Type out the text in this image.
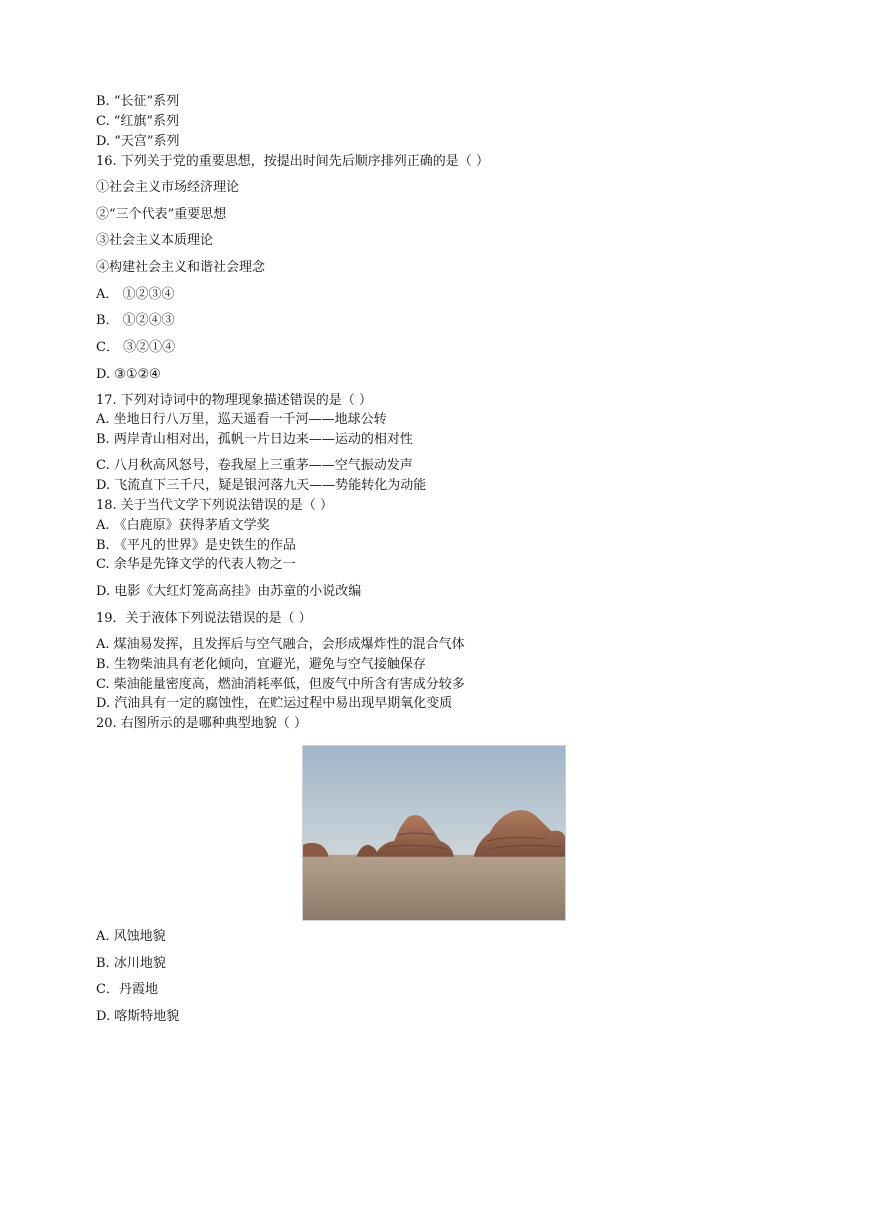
B. “长征”系列
C. “红旗”系列
D. “天宫”系列
16. 下列关于党的重要思想，按提出时间先后顺序排列正确的是（ ）
①社会主义市场经济理论
②“三个代表”重要思想
③社会主义本质理论
④构建社会主义和谐社会理念
A． ①②③④
B． ①②④③
C． ③②①④
D. ③①②④
17. 下列对诗词中的物理现象描述错误的是（ ）
A. 坐地日行八万里，巡天遥看一千河——地球公转
B. 两岸青山相对出，孤帆一片日边来——运动的相对性
C. 八月秋高风怒号，卷我屋上三重茅——空气振动发声
D. 飞流直下三千尺，疑是银河落九天——势能转化为动能
18. 关于当代文学下列说法错误的是（ ）
A. 《白鹿原》获得茅盾文学奖
B. 《平凡的世界》是史铁生的作品
C. 余华是先锋文学的代表人物之一
D. 电影《大红灯笼高高挂》由苏童的小说改编
19．关于液体下列说法错误的是（ ）
A. 煤油易发挥，且发挥后与空气融合，会形成爆炸性的混合气体
B. 生物柴油具有老化倾向，宜避光，避免与空气接触保存
C. 柴油能量密度高，燃油消耗率低，但废气中所含有害成分较多
D. 汽油具有一定的腐蚀性，在贮运过程中易出现早期氧化变质
20. 右图所示的是哪种典型地貌（ ）
A. 风蚀地貌
B. 冰川地貌
C．丹霞地
D. 喀斯特地貌
